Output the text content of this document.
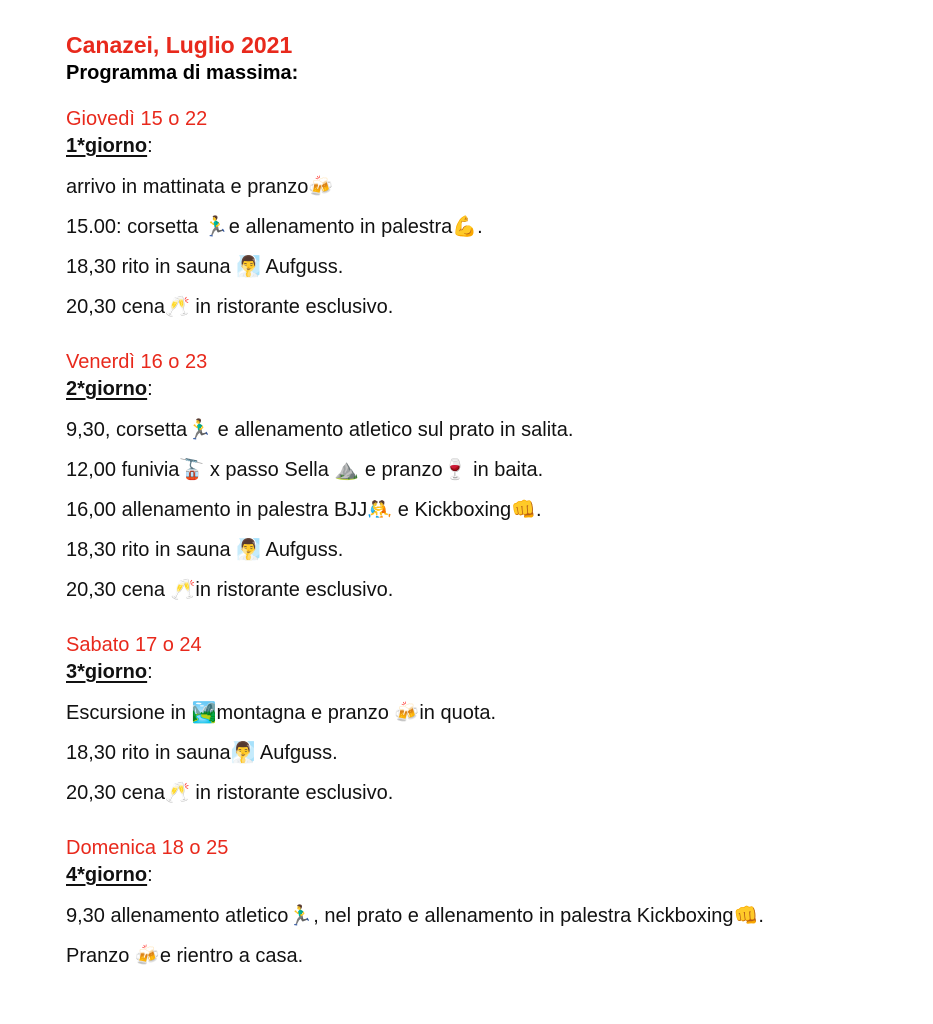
Canazei, Luglio 2021
Programma di massima:
Giovedì 15 o 22
1*giorno:
arrivo in mattinata e pranzo🍻
15.00: corsetta 🏃‍♂️e allenamento in palestra💪.
18,30 rito in sauna 🧖‍♂️ Aufguss.
20,30 cena🥂 in ristorante esclusivo.
Venerdì 16 o 23
2*giorno:
9,30, corsetta🏃‍♂️ e allenamento atletico sul prato in salita.
12,00 funivia🚡 x passo Sella ⛰️ e pranzo🍷 in baita.
16,00 allenamento in palestra BJJ🤼 e Kickboxing👊.
18,30 rito in sauna 🧖‍♂️ Aufguss.
20,30 cena 🥂in ristorante esclusivo.
Sabato 17 o 24
3*giorno:
Escursione in 🏞️montagna e pranzo 🍻in quota.
18,30 rito in sauna🧖‍♂️ Aufguss.
20,30 cena🥂 in ristorante esclusivo.
Domenica 18 o 25
4*giorno:
9,30 allenamento atletico🏃‍♂️, nel prato e allenamento in palestra Kickboxing👊.
Pranzo 🍻e rientro a casa.
